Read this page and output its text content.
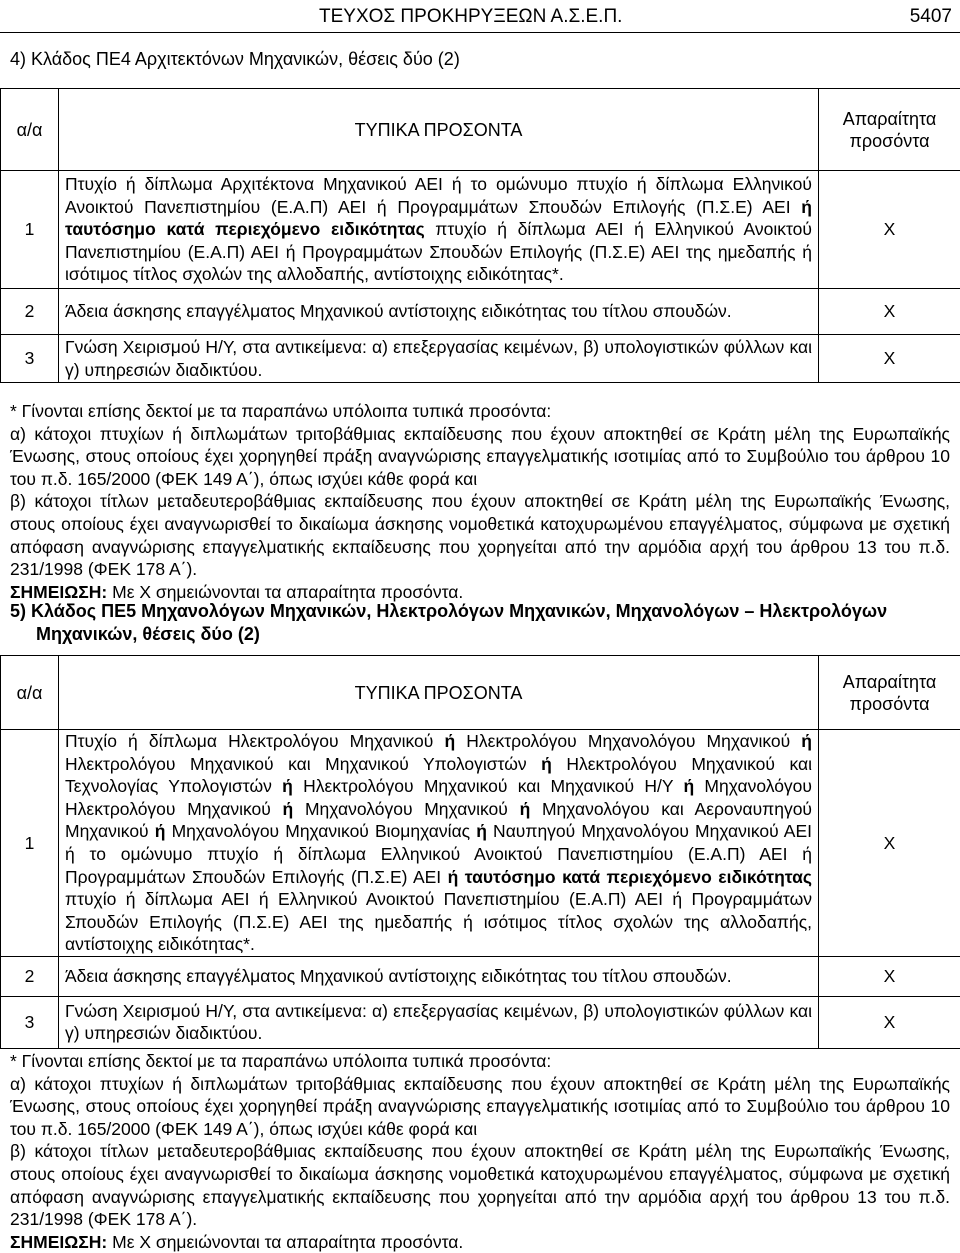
ΤΕΥΧΟΣ ΠΡΟΚΗΡΥΞΕΩΝ Α.Σ.Ε.Π.	5407
4) Κλάδος ΠΕ4 Αρχιτεκτόνων Μηχανικών, θέσεις δύο (2)
α/α	ΤΥΠΙΚΑ ΠΡΟΣΟΝΤΑ	Απαραίτητα προσόντα
1	Πτυχίο ή δίπλωμα Αρχιτέκτονα Μηχανικού ΑΕΙ ή το ομώνυμο πτυχίο ή δίπλωμα Ελληνικού Ανοικτού Πανεπιστημίου (Ε.Α.Π) ΑΕΙ ή Προγραμμάτων Σπουδών Επιλογής (Π.Σ.Ε) ΑΕΙ ή ταυτόσημο κατά περιεχόμενο ειδικότητας πτυχίο ή δίπλωμα ΑΕΙ ή Ελληνικού Ανοικτού Πανεπιστημίου (Ε.Α.Π) ΑΕΙ ή Προγραμμάτων Σπουδών Επιλογής (Π.Σ.Ε) ΑΕΙ της ημεδαπής ή ισότιμος τίτλος σχολών της αλλοδαπής, αντίστοιχης ειδικότητας*.	Χ
2	Άδεια άσκησης επαγγέλματος Μηχανικού αντίστοιχης ειδικότητας του τίτλου σπουδών.	Χ
3	Γνώση Χειρισμού Η/Υ, στα αντικείμενα: α) επεξεργασίας κειμένων, β) υπολογιστικών φύλλων και γ) υπηρεσιών διαδικτύου.	Χ

* Γίνονται επίσης δεκτοί με τα παραπάνω υπόλοιπα τυπικά προσόντα:

α) κάτοχοι πτυχίων ή διπλωμάτων τριτοβάθμιας εκπαίδευσης που έχουν αποκτηθεί σε Κράτη μέλη της Ευρωπαϊκής Ένωσης, στους οποίους έχει χορηγηθεί πράξη αναγνώρισης επαγγελματικής ισοτιμίας από το Συμβούλιο του άρθρου 10 του π.δ. 165/2000 (ΦΕΚ 149 Α΄), όπως ισχύει κάθε φορά και

β) κάτοχοι τίτλων μεταδευτεροβάθμιας εκπαίδευσης που έχουν αποκτηθεί σε Κράτη μέλη της Ευρωπαϊκής Ένωσης, στους οποίους έχει αναγνωρισθεί το δικαίωμα άσκησης νομοθετικά κατοχυρωμένου επαγγέλματος, σύμφωνα με σχετική απόφαση αναγνώρισης επαγγελματικής εκπαίδευσης που χορηγείται από την αρμόδια αρχή του άρθρου 13 του π.δ. 231/1998 (ΦΕΚ 178 Α΄).

ΣΗΜΕΙΩΣΗ: Με Χ σημειώνονται τα απαραίτητα προσόντα.

5) Κλάδος ΠΕ5 Μηχανολόγων Μηχανικών, Ηλεκτρολόγων Μηχανικών, Μηχανολόγων – Ηλεκτρολόγων Μηχανικών, θέσεις δύο (2)
α/α	ΤΥΠΙΚΑ ΠΡΟΣΟΝΤΑ	Απαραίτητα προσόντα
1	Πτυχίο ή δίπλωμα Ηλεκτρολόγου Μηχανικού ή Ηλεκτρολόγου Μηχανολόγου Μηχανικού ή Ηλεκτρολόγου Μηχανικού και Μηχανικού Υπολογιστών ή Ηλεκτρολόγου Μηχανικού και Τεχνολογίας Υπολογιστών ή Ηλεκτρολόγου Μηχανικού και Μηχανικού Η/Υ ή Μηχανολόγου Ηλεκτρολόγου Μηχανικού ή Μηχανολόγου Μηχανικού ή Μηχανολόγου και Αεροναυπηγού Μηχανικού ή Μηχανολόγου Μηχανικού Βιομηχανίας ή Ναυπηγού Μηχανολόγου Μηχανικού ΑΕΙ ή το ομώνυμο πτυχίο ή δίπλωμα Ελληνικού Ανοικτού Πανεπιστημίου (Ε.Α.Π) ΑΕΙ ή Προγραμμάτων Σπουδών Επιλογής (Π.Σ.Ε) ΑΕΙ ή ταυτόσημο κατά περιεχόμενο ειδικότητας πτυχίο ή δίπλωμα ΑΕΙ ή Ελληνικού Ανοικτού Πανεπιστημίου (Ε.Α.Π) ΑΕΙ ή Προγραμμάτων Σπουδών Επιλογής (Π.Σ.Ε) ΑΕΙ της ημεδαπής ή ισότιμος τίτλος σχολών της αλλοδαπής, αντίστοιχης ειδικότητας*.	Χ
2	Άδεια άσκησης επαγγέλματος Μηχανικού αντίστοιχης ειδικότητας του τίτλου σπουδών.	Χ
3	Γνώση Χειρισμού Η/Υ, στα αντικείμενα: α) επεξεργασίας κειμένων, β) υπολογιστικών φύλλων και γ) υπηρεσιών διαδικτύου.	Χ

* Γίνονται επίσης δεκτοί με τα παραπάνω υπόλοιπα τυπικά προσόντα:

α) κάτοχοι πτυχίων ή διπλωμάτων τριτοβάθμιας εκπαίδευσης που έχουν αποκτηθεί σε Κράτη μέλη της Ευρωπαϊκής Ένωσης, στους οποίους έχει χορηγηθεί πράξη αναγνώρισης επαγγελματικής ισοτιμίας από το Συμβούλιο του άρθρου 10 του π.δ. 165/2000 (ΦΕΚ 149 Α΄), όπως ισχύει κάθε φορά και

β) κάτοχοι τίτλων μεταδευτεροβάθμιας εκπαίδευσης που έχουν αποκτηθεί σε Κράτη μέλη της Ευρωπαϊκής Ένωσης, στους οποίους έχει αναγνωρισθεί το δικαίωμα άσκησης νομοθετικά κατοχυρωμένου επαγγέλματος, σύμφωνα με σχετική απόφαση αναγνώρισης επαγγελματικής εκπαίδευσης που χορηγείται από την αρμόδια αρχή του άρθρου 13 του π.δ. 231/1998 (ΦΕΚ 178 Α΄).

ΣΗΜΕΙΩΣΗ: Με Χ σημειώνονται τα απαραίτητα προσόντα.
